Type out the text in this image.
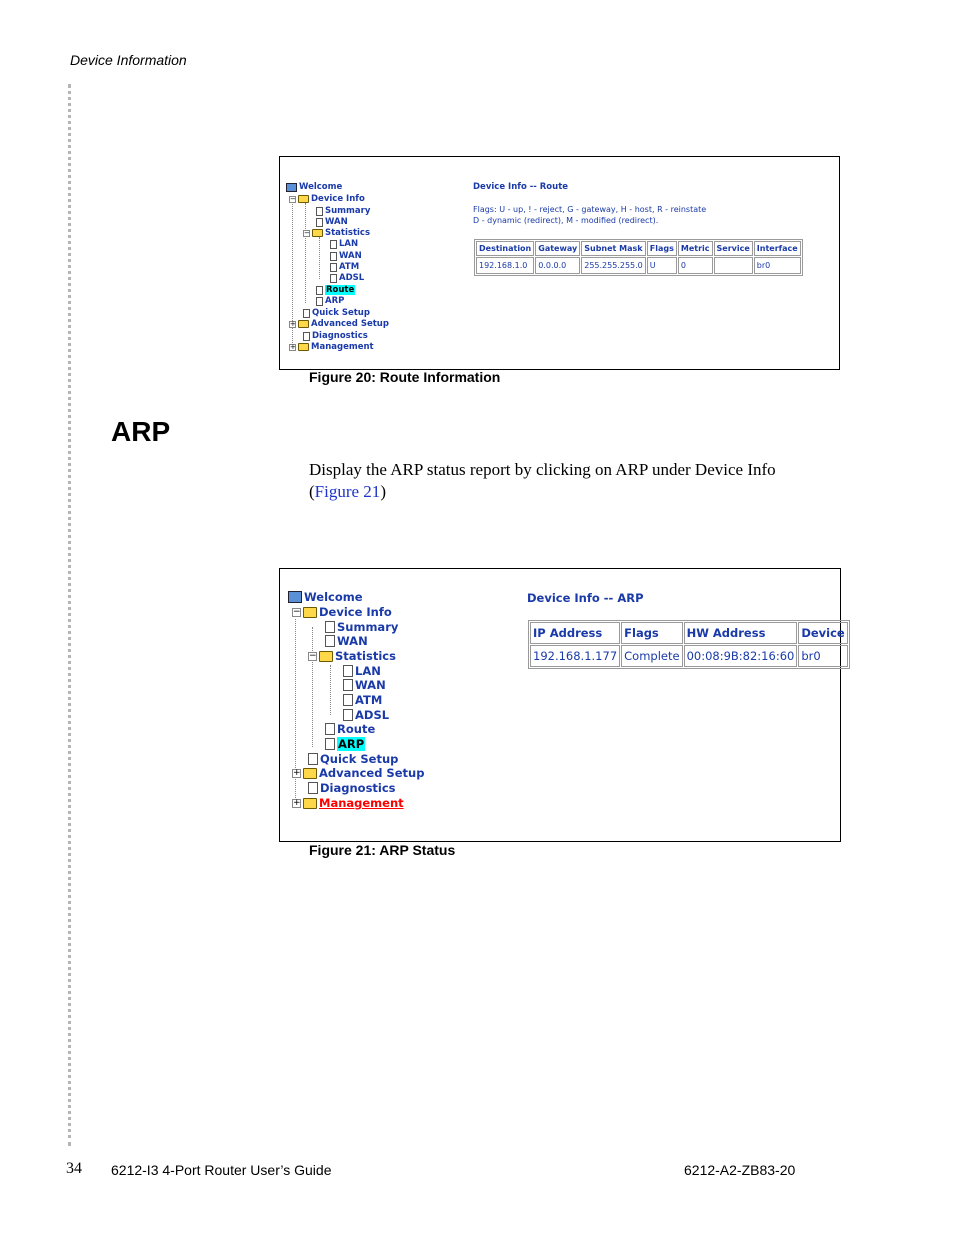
Device Information
Welcome
− Device Info
Summary
WAN
− Statistics
LAN
WAN
ATM
ADSL
Route
ARP
Quick Setup
+ Advanced Setup
Diagnostics
+ Management
Device Info -- Route
Flags: U - up, ! - reject, G - gateway, H - host, R - reinstate
D - dynamic (redirect), M - modified (redirect).
Destination	Gateway	Subnet Mask	Flags	Metric	Service	Interface
192.168.1.0	0.0.0.0	255.255.255.0	U	0		br0
Figure 20: Route Information
ARP
Display the ARP status report by clicking on ARP under Device Info (Figure 21)
Welcome
− Device Info
Summary
WAN
− Statistics
LAN
WAN
ATM
ADSL
Route
ARP
Quick Setup
+ Advanced Setup
Diagnostics
+ Management
Device Info -- ARP
IP Address	Flags	HW Address	Device
192.168.1.177	Complete	00:08:9B:82:16:60	br0
Figure 21: ARP Status
34 6212-I3 4-Port Router User’s Guide	6212-A2-ZB83-20
